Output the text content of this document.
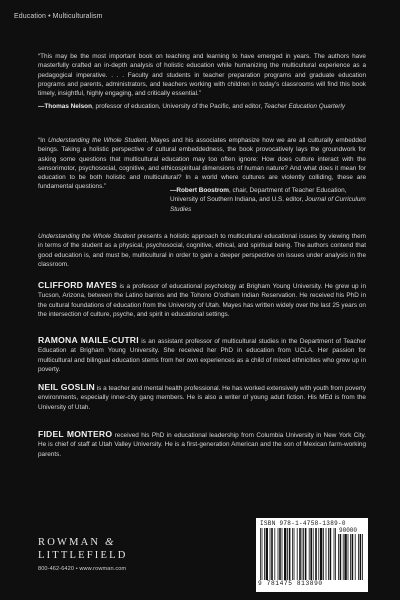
Education • Multiculturalism

“This may be the most important book on teaching and learning to have emerged in years. The authors have masterfully crafted an in-depth analysis of holistic education while humanizing the multicultural experience as a pedagogical imperative. . . . Faculty and students in teacher preparation programs and graduate education programs and parents, administrators, and teachers working with children in today’s classrooms will find this book timely, insightful, highly engaging, and critically essential.”

—Thomas Nelson, professor of education, University of the Pacific, and editor, Teacher Education Quarterly

“In Understanding the Whole Student, Mayes and his associates emphasize how we are all culturally embedded beings. Taking a holistic perspective of cultural embeddedness, the book provocatively lays the groundwork for asking some questions that multicultural education may too often ignore: How does culture interact with the sensorimotor, psychosocial, cognitive, and ethicospiritual dimensions of human nature? And what does it mean for education to be both holistic and multicultural? In a world where cultures are violently colliding, these are fundamental questions.”

—Robert Boostrom, chair, Department of Teacher Education, University of Southern Indiana, and U.S. editor, Journal of Curriculum Studies

Understanding the Whole Student presents a holistic approach to multicultural educational issues by viewing them in terms of the student as a physical, psychosocial, cognitive, ethical, and spiritual being. The authors contend that good education is, and must be, multicultural in order to gain a deeper perspective on issues under analysis in the classroom.

CLIFFORD MAYES is a professor of educational psychology at Brigham Young University. He grew up in Tucson, Arizona, between the Latino barrios and the Tohono O’odham Indian Reservation. He received his PhD in the cultural foundations of education from the University of Utah. Mayes has written widely over the last 25 years on the intersection of culture, psyche, and spirit in educational settings.

RAMONA MAILE-CUTRI is an assistant professor of multicultural studies in the Department of Teacher Education at Brigham Young University. She received her PhD in education from UCLA. Her passion for multicultural and bilingual education stems from her own experiences as a child of mixed ethnicities who grew up in poverty.

NEIL GOSLIN is a teacher and mental health professional. He has worked extensively with youth from poverty environments, especially inner-city gang members. He is also a writer of young adult fiction. His MEd is from the University of Utah.

FIDEL MONTERO received his PhD in educational leadership from Columbia University in New York City. He is chief of staff at Utah Valley University. He is a first-generation American and the son of Mexican farm-working parents.

ROWMAN &
LITTLEFIELD
800-462-6420 • www.rowman.com
ISBN 978-1-4758-1389-0
90000
9 781475 813890
